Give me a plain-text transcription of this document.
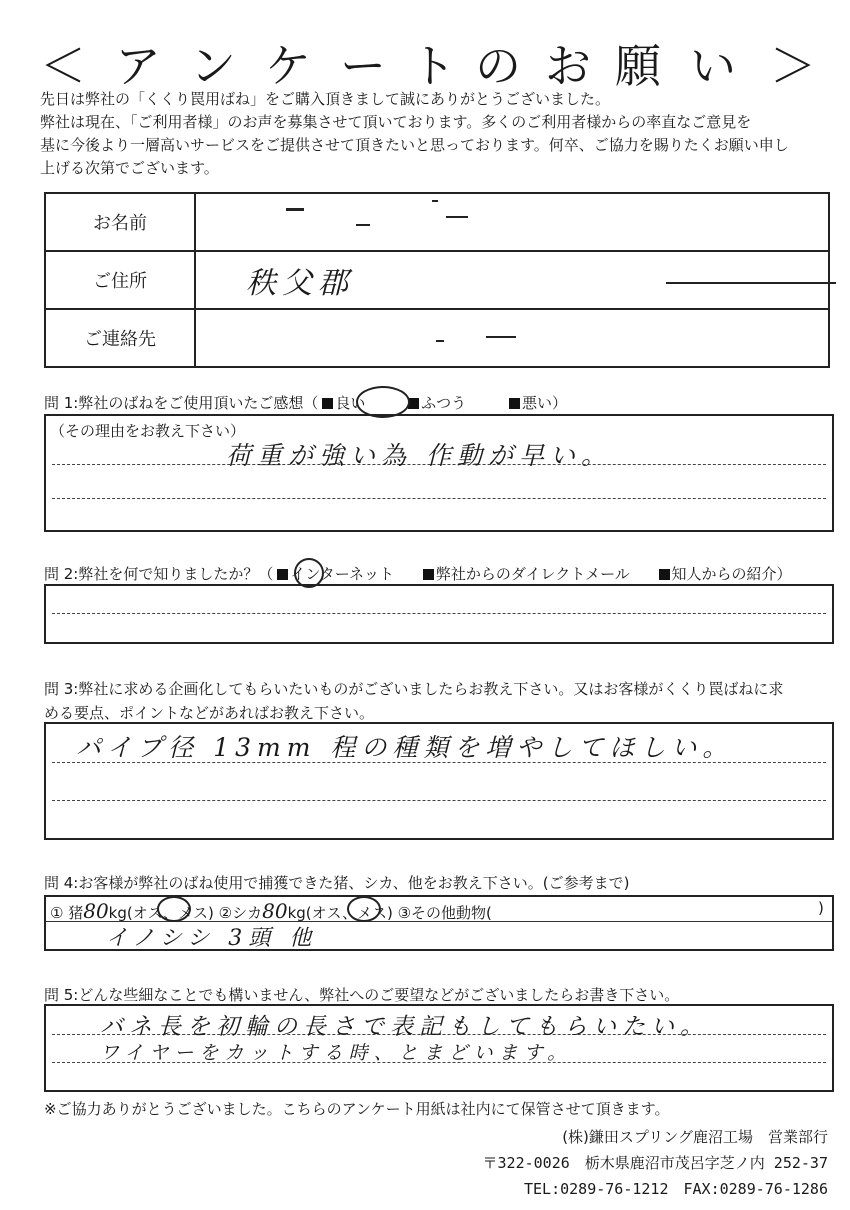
＜ ア ン ケ ー ト の お 願 い ＞
先日は弊社の「くくり罠用ばね」をご購入頂きまして誠にありがとうございました。
弊社は現在、「ご利用者様」のお声を募集させて頂いております。多くのご利用者様からの率直なご意見を
基に今後より一層高いサービスをご提供させて頂きたいと思っております。何卒、ご協力を賜りたくお願い申し
上げる次第でございます。
お名前	

ご住所	秩父郡

ご連絡先	
問 1:弊社のばねをご使用頂いたご感想（ 良い	ふつう	悪い）
（その理由をお教え下さい）
荷重が強い為 作動が早い。
問 2:弊社を何で知りましたか？（ インターネット	弊社からのダイレクトメール	知人からの紹介）
問 3:弊社に求める企画化してもらいたいものがございましたらお教え下さい。又はお客様がくくり罠ばねに求
める要点、ポイントなどがあればお教え下さい。
パイプ径 13mm 程の種類を増やしてほしい。
問 4:お客様が弊社のばね使用で捕獲できた猪、シカ、他をお教え下さい。(ご参考まで)
① 猪80kg(オス、メス) ②シカ80kg(オス、メス) ③その他動物(	)
イノシシ 3頭 他
問 5:どんな些細なことでも構いません、弊社へのご要望などがございましたらお書き下さい。
バネ長を初輪の長さで表記もしてもらいたい。
ワイヤーをカットする時、とまどいます。
※ご協力ありがとうございました。こちらのアンケート用紙は社内にて保管させて頂きます。
(株)鎌田スプリング鹿沼工場　営業部行
〒322-0026　栃木県鹿沼市茂呂字芝ノ内 252-37
TEL:0289-76-1212　FAX:0289-76-1286
